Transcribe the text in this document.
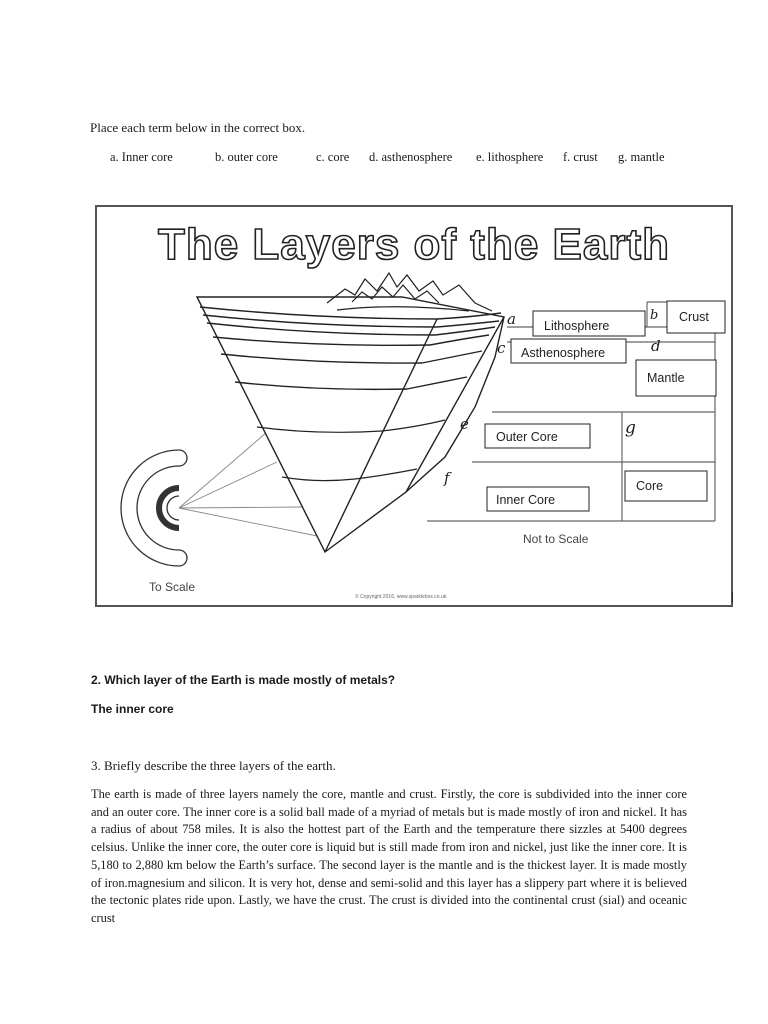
Place each term below in the correct box.
a. Inner core	b. outer core	c. core d. asthenosphere e. lithosphere f. crust g. mantle
The Layers of the Earth
To Scale
a	b
c	d
e
f
g
Lithosphere
Crust
Asthenosphere
Mantle
Outer Core
Core
Inner Core
Not to Scale
© Copyright 2016, www.sparklebox.co.uk	|
2. Which layer of the Earth is made mostly of metals?
The inner core
3. Briefly describe the three layers of the earth.
The earth is made of three layers namely the core, mantle and crust. Firstly, the core is subdivided into the inner core and an outer core. The inner core is a solid ball made of a myriad of metals but is made mostly of iron and nickel. It has a radius of about 758 miles. It is also the hottest part of the Earth and the temperature there sizzles at 5400 degrees celsius. Unlike the inner core, the outer core is liquid but is still made from iron and nickel, just like the inner core. It is 5,180 to 2,880 km below the Earth’s surface. The second layer is the mantle and is the thickest layer. It is made mostly of iron.magnesium and silicon. It is very hot, dense and semi-solid and this layer has a slippery part where it is believed the tectonic plates ride upon. Lastly, we have the crust. The crust is divided into the continental crust (sial) and oceanic crust
